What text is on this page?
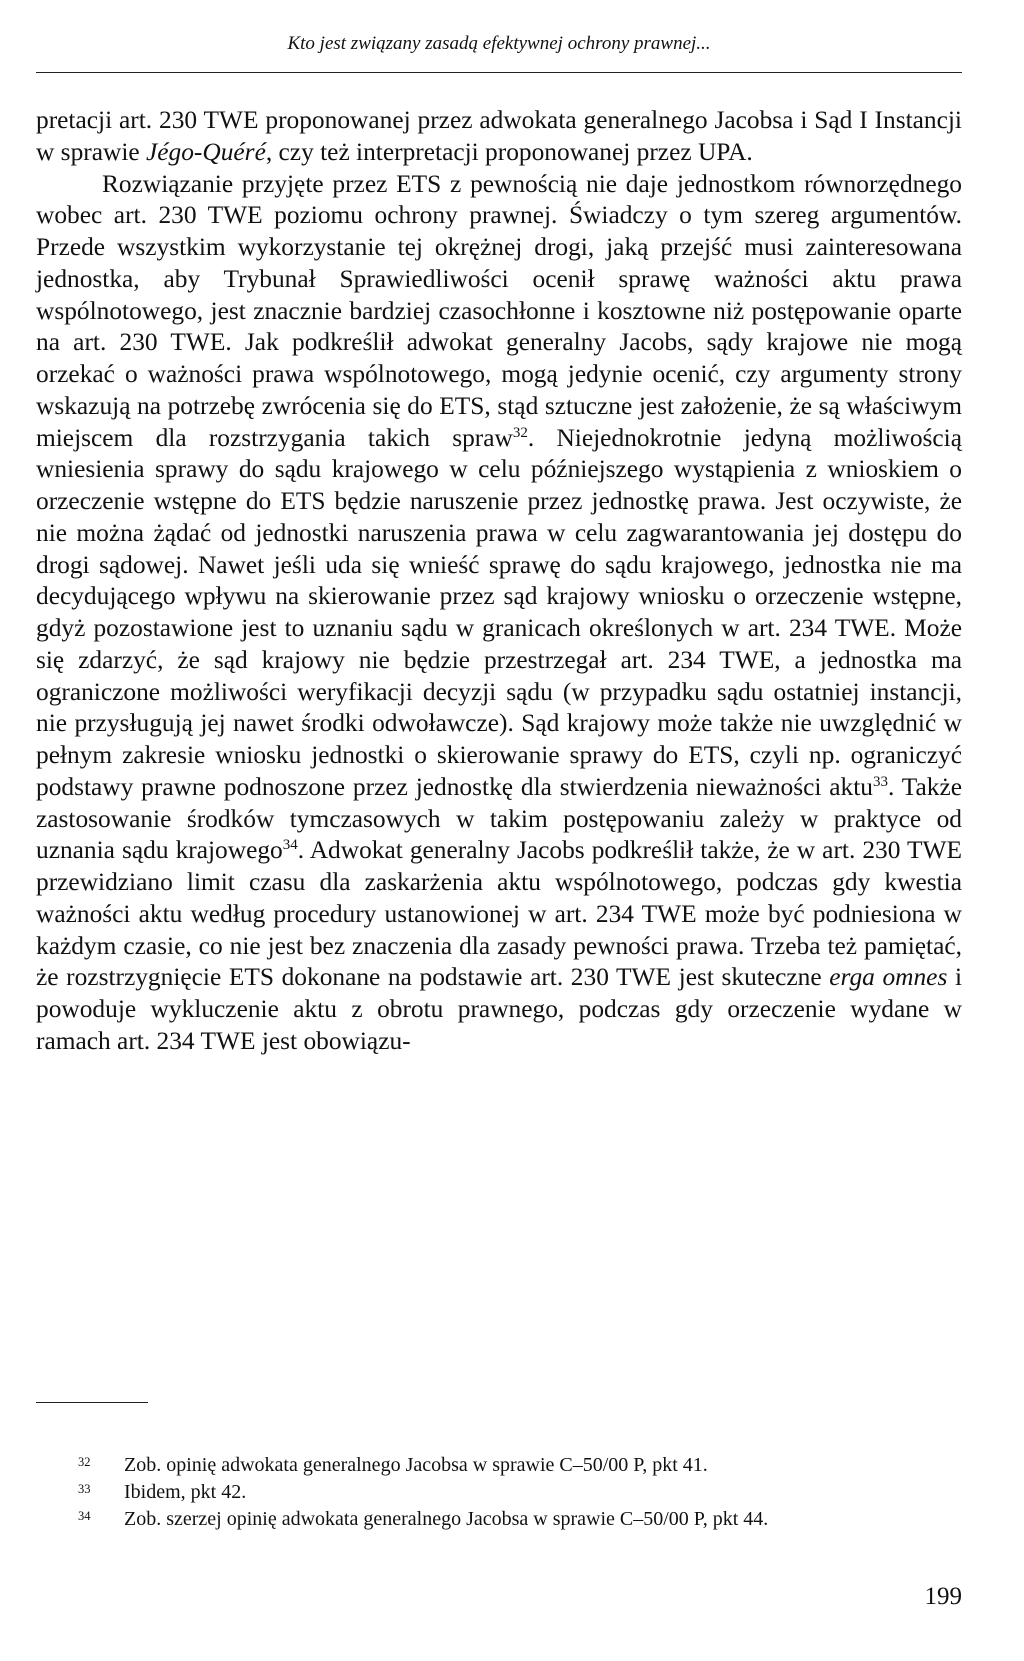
Kto jest związany zasadą efektywnej ochrony prawnej...

pretacji art. 230 TWE proponowanej przez adwokata generalnego Jacobsa i Sąd I Instancji w sprawie Jégo-Quéré, czy też interpretacji proponowanej przez UPA.

Rozwiązanie przyjęte przez ETS z pewnością nie daje jednostkom równorzędnego wobec art. 230 TWE poziomu ochrony prawnej. Świadczy o tym szereg argumentów. Przede wszystkim wykorzystanie tej okrężnej drogi, jaką przejść musi zainteresowana jednostka, aby Trybunał Sprawiedliwości ocenił sprawę ważności aktu prawa wspólnotowego, jest znacznie bardziej czasochłonne i kosztowne niż postępowanie oparte na art. 230 TWE. Jak podkreślił adwokat generalny Jacobs, sądy krajowe nie mogą orzekać o ważności prawa wspólnotowego, mogą jedynie ocenić, czy argumenty strony wskazują na potrzebę zwrócenia się do ETS, stąd sztuczne jest założenie, że są właściwym miejscem dla rozstrzygania takich spraw$^{32}$. Niejednokrotnie jedyną możliwością wniesienia sprawy do sądu krajowego w celu późniejszego wystąpienia z wnioskiem o orzeczenie wstępne do ETS będzie naruszenie przez jednostkę prawa. Jest oczywiste, że nie można żądać od jednostki naruszenia prawa w celu zagwarantowania jej dostępu do drogi sądowej. Nawet jeśli uda się wnieść sprawę do sądu krajowego, jednostka nie ma decydującego wpływu na skierowanie przez sąd krajowy wniosku o orzeczenie wstępne, gdyż pozostawione jest to uznaniu sądu w granicach określonych w art. 234 TWE. Może się zdarzyć, że sąd krajowy nie będzie przestrzegał art. 234 TWE, a jednostka ma ograniczone możliwości weryfikacji decyzji sądu (w przypadku sądu ostatniej instancji, nie przysługują jej nawet środki odwoławcze). Sąd krajowy może także nie uwzględnić w pełnym zakresie wniosku jednostki o skierowanie sprawy do ETS, czyli np. ograniczyć podstawy prawne podnoszone przez jednostkę dla stwierdzenia nieważności aktu$^{33}$. Także zastosowanie środków tymczasowych w takim postępowaniu zależy w praktyce od uznania sądu krajowego$^{34}$. Adwokat generalny Jacobs podkreślił także, że w art. 230 TWE przewidziano limit czasu dla zaskarżenia aktu wspólnotowego, podczas gdy kwestia ważności aktu według procedury ustanowionej w art. 234 TWE może być podniesiona w każdym czasie, co nie jest bez znaczenia dla zasady pewności prawa. Trzeba też pamiętać, że rozstrzygnięcie ETS dokonane na podstawie art. 230 TWE jest skuteczne erga omnes i powoduje wykluczenie aktu z obrotu prawnego, podczas gdy orzeczenie wydane w ramach art. 234 TWE jest obowiązu-

32	Zob. opinię adwokata generalnego Jacobsa w sprawie C–50/00 P, pkt 41.
33	Ibidem, pkt 42.
34	Zob. szerzej opinię adwokata generalnego Jacobsa w sprawie C–50/00 P, pkt 44.
199
